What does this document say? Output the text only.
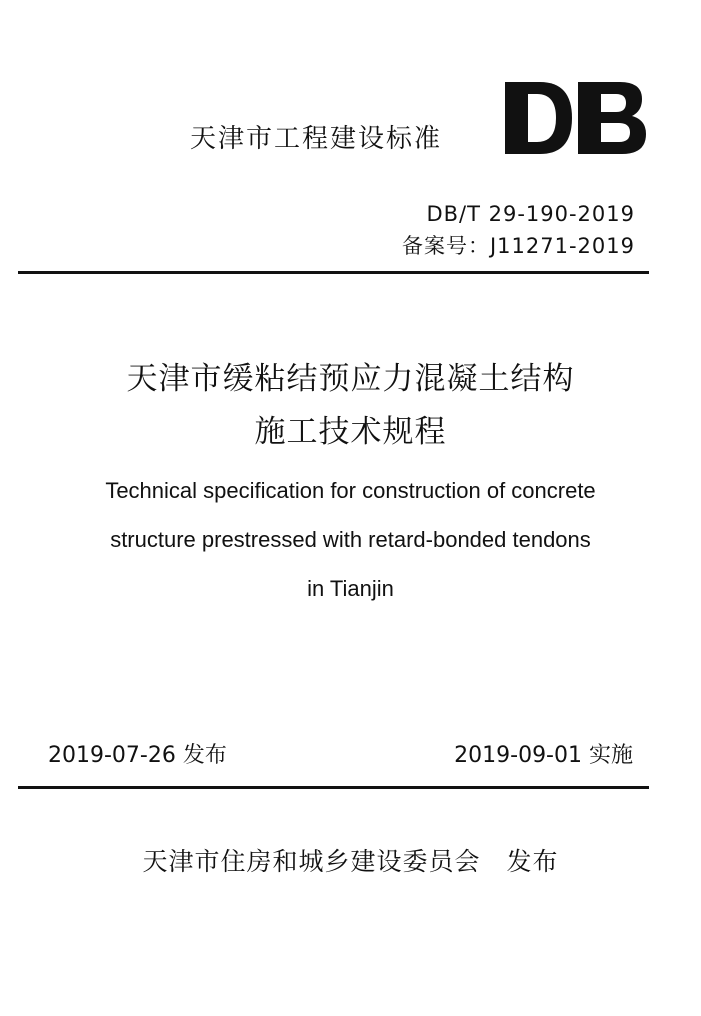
天津市工程建设标准
DB/T 29-190-2019
备案号：J11271-2019
天津市缓粘结预应力混凝土结构
施工技术规程
Technical specification for construction of concrete
structure prestressed with retard-bonded tendons
in Tianjin
2019-07-26 发布	2019-09-01 实施
天津市住房和城乡建设委员会 发布
